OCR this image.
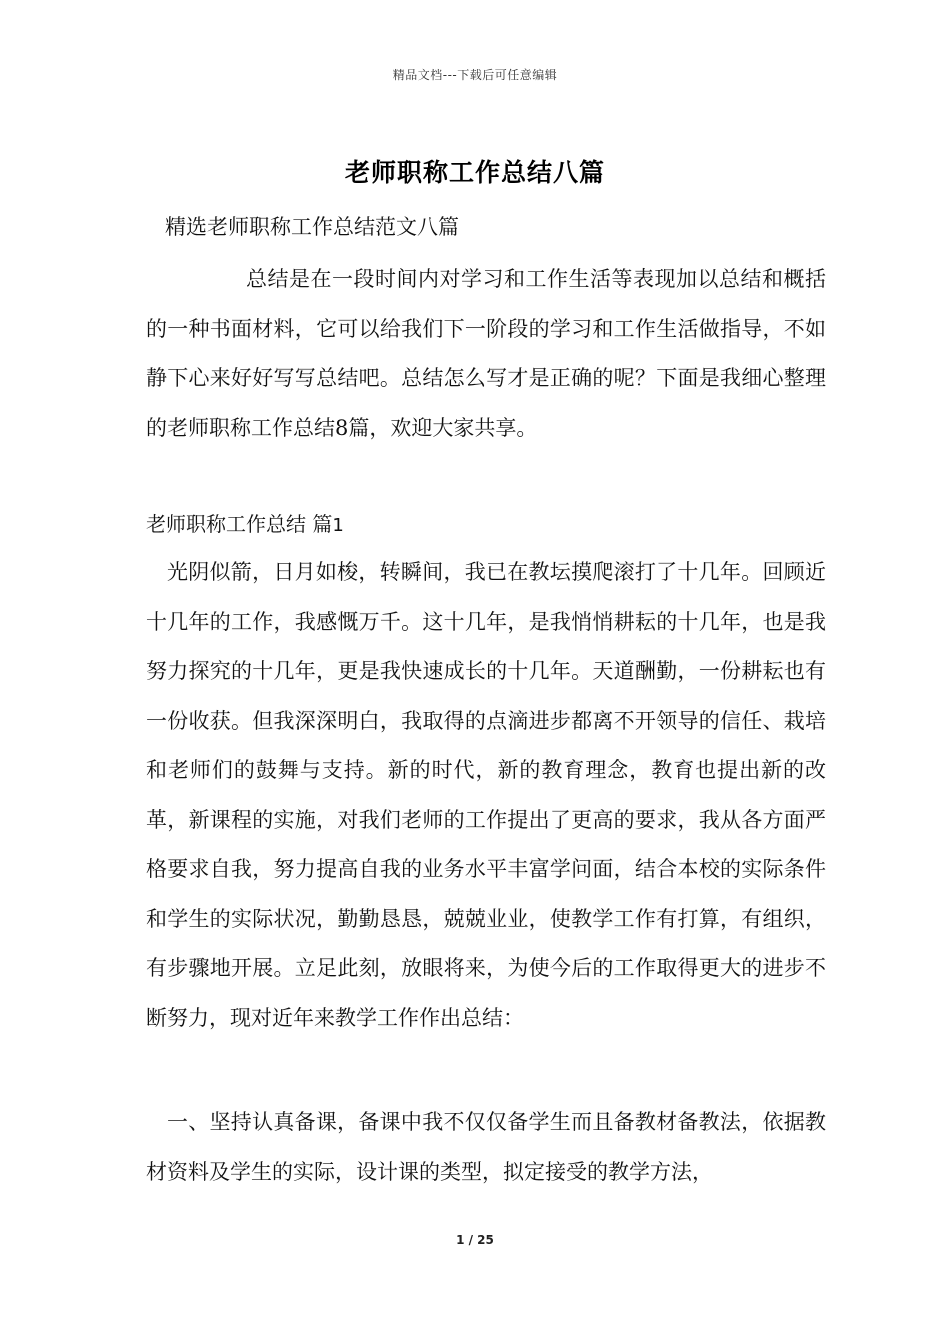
精品文档---下载后可任意编辑
老师职称工作总结八篇
精选老师职称工作总结范文八篇
总结是在一段时间内对学习和工作生活等表现加以总结和概括的一种书面材料，它可以给我们下一阶段的学习和工作生活做指导，不如静下心来好好写写总结吧。总结怎么写才是正确的呢？下面是我细心整理的老师职称工作总结8篇，欢迎大家共享。
老师职称工作总结 篇1
光阴似箭，日月如梭，转瞬间，我已在教坛摸爬滚打了十几年。回顾近十几年的工作，我感慨万千。这十几年，是我悄悄耕耘的十几年，也是我努力探究的十几年，更是我快速成长的十几年。天道酬勤，一份耕耘也有一份收获。但我深深明白，我取得的点滴进步都离不开领导的信任、栽培和老师们的鼓舞与支持。新的时代，新的教育理念，教育也提出新的改革，新课程的实施，对我们老师的工作提出了更高的要求，我从各方面严格要求自我，努力提高自我的业务水平丰富学问面，结合本校的实际条件和学生的实际状况，勤勤恳恳，兢兢业业，使教学工作有打算，有组织，有步骤地开展。立足此刻，放眼将来，为使今后的工作取得更大的进步不断努力，现对近年来教学工作作出总结：
一、坚持认真备课，备课中我不仅仅备学生而且备教材备教法，依据教材资料及学生的实际，设计课的类型，拟定接受的教学方法，
1 / 25
